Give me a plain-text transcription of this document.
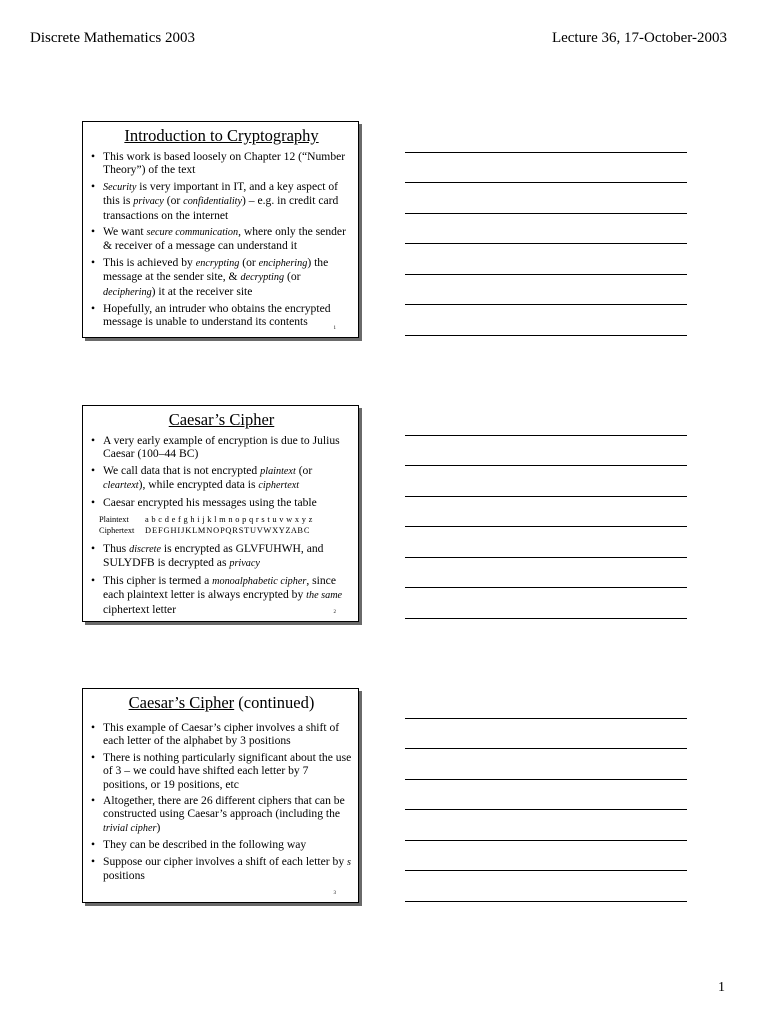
Discrete Mathematics 2003	Lecture 36, 17-October-2003
Introduction to Cryptography
• This work is based loosely on Chapter 12 (“Number Theory”) of the text
• Security is very important in IT, and a key aspect of this is privacy (or confidentiality) – e.g. in credit card transactions on the internet
• We want secure communication, where only the sender & receiver of a message can understand it
• This is achieved by encrypting (or enciphering) the message at the sender site, & decrypting (or deciphering) it at the receiver site
• Hopefully, an intruder who obtains the encrypted message is unable to understand its contents
1
Caesar’s Cipher
• A very early example of encryption is due to Julius Caesar (100–44 BC)
• We call data that is not encrypted plaintext (or cleartext), while encrypted data is ciphertext
• Caesar encrypted his messages using the table
Plaintext	a b c d e f g h i j k l m n o p q r s t u v w x y z
Ciphertext	D E F G H I J K L M N O P Q R S T U V W X Y Z A B C
• Thus discrete is encrypted as GLVFUHWH, and SULYDFB is decrypted as privacy
• This cipher is termed a monoalphabetic cipher, since each plaintext letter is always encrypted by the same ciphertext letter	2
Caesar’s Cipher (continued)
• This example of Caesar’s cipher involves a shift of each letter of the alphabet by 3 positions
• There is nothing particularly significant about the use of 3 – we could have shifted each letter by 7 positions, or 19 positions, etc
• Altogether, there are 26 different ciphers that can be constructed using Caesar’s approach (including the trivial cipher)
• They can be described in the following way
• Suppose our cipher involves a shift of each letter by s positions
3
1
